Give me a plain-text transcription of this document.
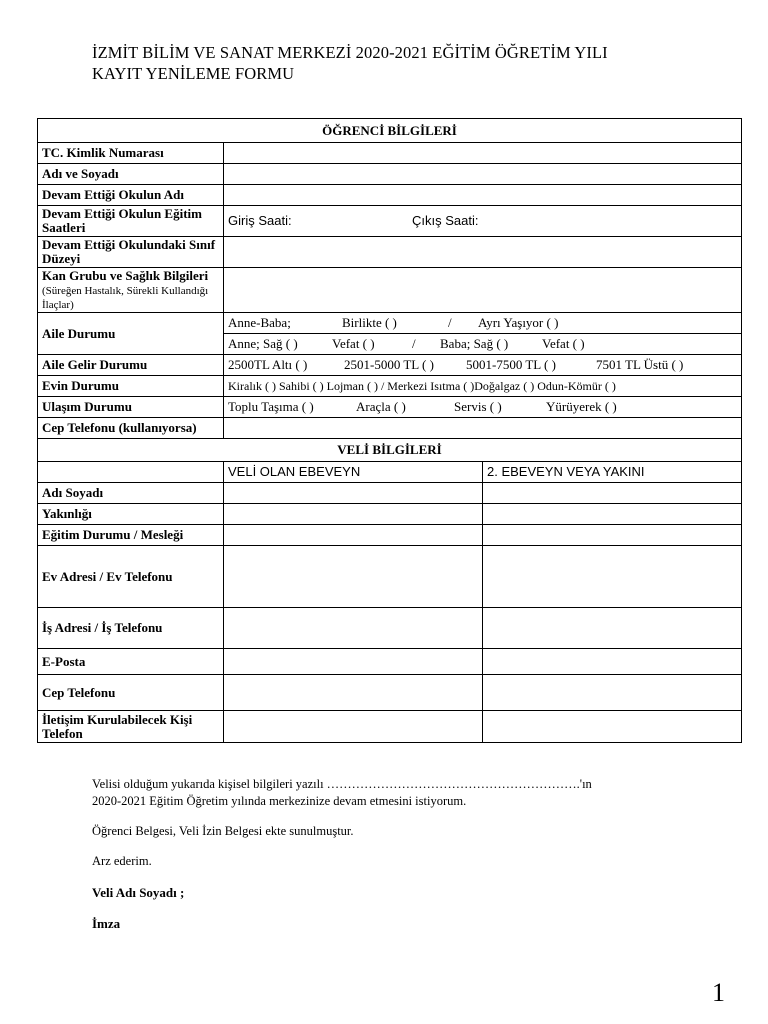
İZMİT BİLİM VE SANAT MERKEZİ 2020-2021 EĞİTİM ÖĞRETİM YILI
KAYIT YENİLEME FORMU
ÖĞRENCİ BİLGİLERİ		
TC. Kimlik Numarası		
Adı ve Soyadı		
Devam Ettiği Okulun Adı		
Devam Ettiği Okulun Eğitim Saatleri	Giriş Saati: Çıkış Saati:	
Devam Ettiği Okulundaki Sınıf Düzeyi		
Kan Grubu ve Sağlık Bilgileri (Süreğen Hastalık, Sürekli Kullandığı İlaçlar)		
Aile Durumu	Anne-Baba; Birlikte ( ) / Ayrı Yaşıyor ( )	
	Anne; Sağ ( ) Vefat ( ) / Baba; Sağ ( ) Vefat ( )	
Aile Gelir Durumu	2500TL Altı ( ) 2501-5000 TL ( ) 5001-7500 TL ( ) 7501 TL Üstü ( )	
Evin Durumu	Kiralık ( ) Sahibi ( ) Lojman ( ) / Merkezi Isıtma ( )Doğalgaz ( ) Odun-Kömür ( )	
Ulaşım Durumu	Toplu Taşıma ( ) Araçla ( ) Servis ( ) Yürüyerek ( )	
Cep Telefonu (kullanıyorsa)		
VELİ BİLGİLERİ		
	VELİ OLAN EBEVEYN	2. EBEVEYN VEYA YAKINI
Adı Soyadı		
Yakınlığı		
Eğitim Durumu / Mesleği		
Ev Adresi / Ev Telefonu		
İş Adresi / İş Telefonu		
E-Posta		
Cep Telefonu		
İletişim Kurulabilecek Kişi Telefon		
Velisi olduğum yukarıda kişisel bilgileri yazılı …………………………………………………….'ın
2020-2021 Eğitim Öğretim yılında merkezinize devam etmesini istiyorum.
Öğrenci Belgesi, Veli İzin Belgesi ekte sunulmuştur.
Arz ederim.
Veli Adı Soyadı ;
İmza
1
